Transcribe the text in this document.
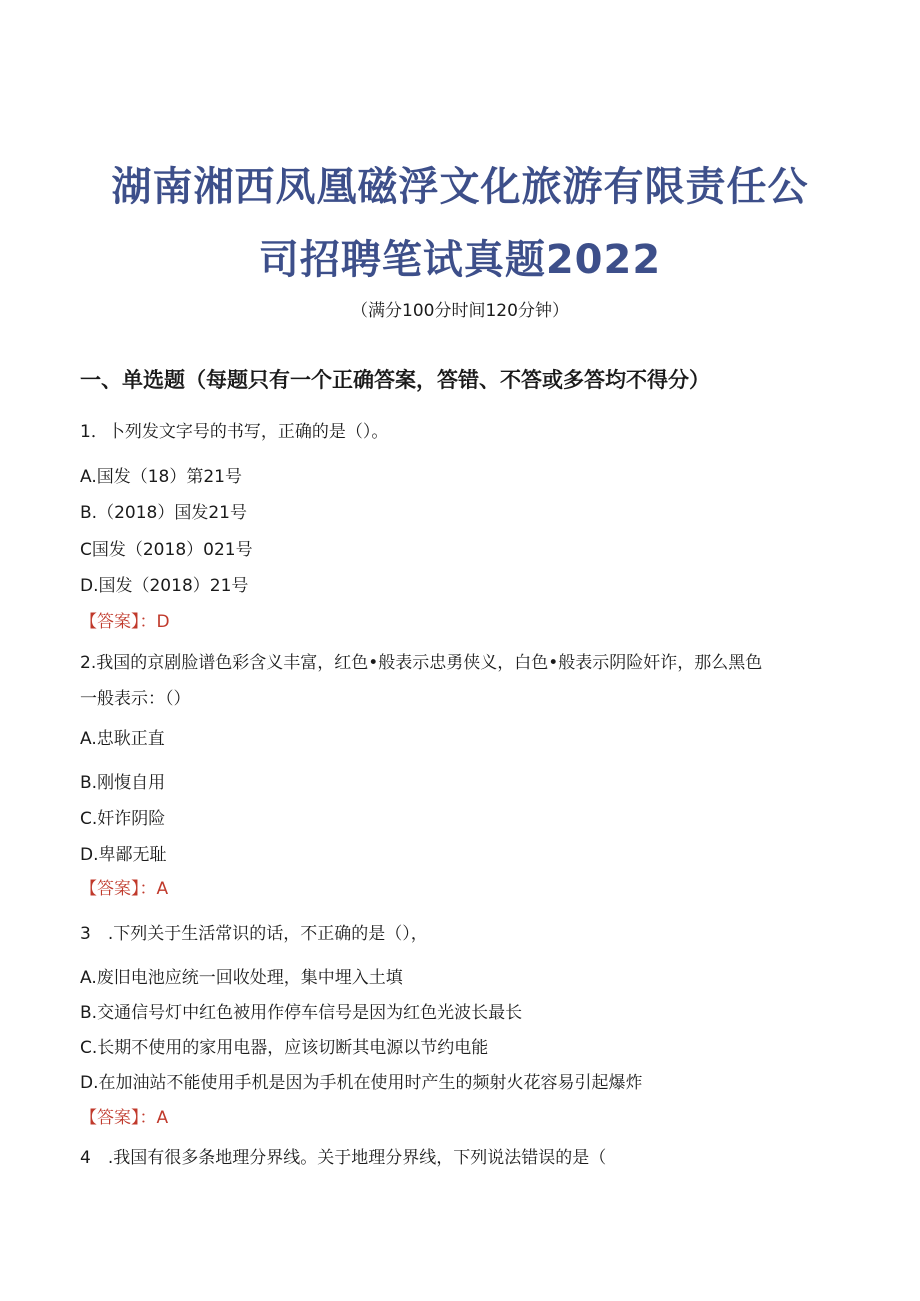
湖南湘西凤凰磁浮文化旅游有限责任公
司招聘笔试真题2022
（满分100分时间120分钟）
一、单选题（每题只有一个正确答案，答错、不答或多答均不得分）
1．卜列发文字号的书写，正确的是（）。
A.国发（18）第21号
B.（2018）国发21号
C国发（2018）021号
D.国发（2018）21号
【答案】：D
2.我国的京剧脸谱色彩含义丰富，红色•般表示忠勇侠义，白色•般表示阴险奸诈，那么黑色
一般表示：（）
A.忠耿正直
B.刚愎自用
C.奸诈阴险
D.卑鄙无耻
【答案】：A
3　.下列关于生活常识的话，不正确的是（），
A.废旧电池应统一回收处理，集中埋入土填
B.交通信号灯中红色被用作停车信号是因为红色光波长最长
C.长期不使用的家用电器，应该切断其电源以节约电能
D.在加油站不能使用手机是因为手机在使用时产生的频射火花容易引起爆炸
【答案】：A
4　.我国有很多条地理分界线。关于地理分界线，下列说法错误的是（
